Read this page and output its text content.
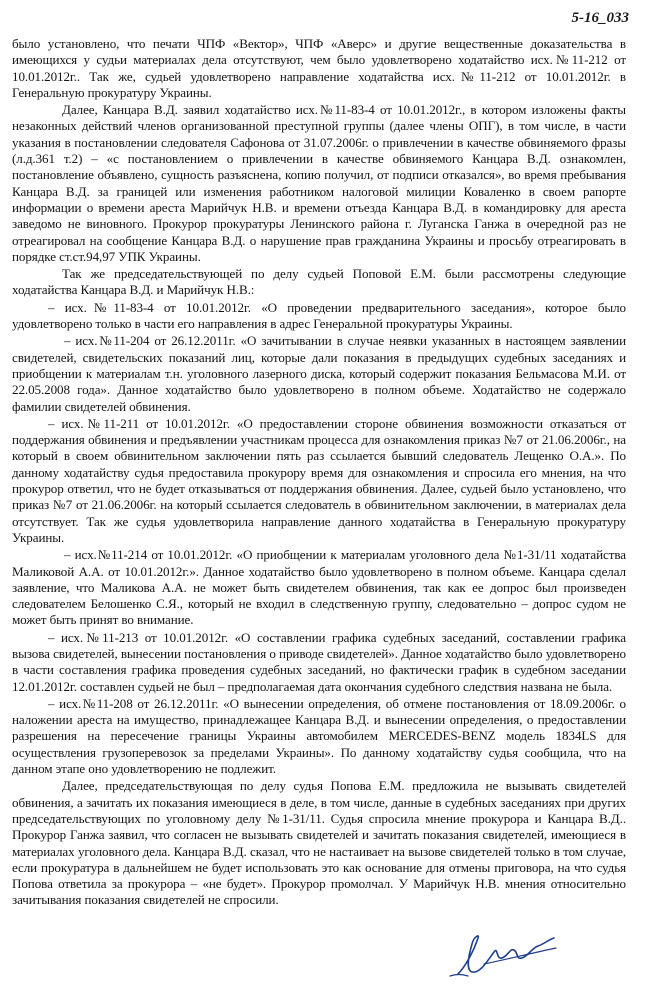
5-16_033

было установлено, что печати ЧПФ «Вектор», ЧПФ «Аверс» и другие вещественные доказательства в имеющихся у судьи материалах дела отсутствуют, чем было удовлетворено ходатайство исх.№11-212 от 10.01.2012г.. Так же, судьей удовлетворено направление ходатайства исх.№11-212 от 10.01.2012г. в Генеральную прокуратуру Украины.

Далее, Канцара В.Д. заявил ходатайство исх.№11-83-4 от 10.01.2012г., в котором изложены факты незаконных действий членов организованной преступной группы (далее члены ОПГ), в том числе, в части указания в постановлении следователя Сафонова от 31.07.2006г. о привлечении в качестве обвиняемого фразы (л.д.361 т.2) – «с постановлением о привлечении в качестве обвиняемого Канцара В.Д. ознакомлен, постановление объявлено, сущность разъяснена, копию получил, от подписи отказался», во время пребывания Канцара В.Д. за границей или изменения работником налоговой милиции Коваленко в своем рапорте информации о времени ареста Марийчук Н.В. и времени отъезда Канцара В.Д. в командировку для ареста заведомо не виновного. Прокурор прокуратуры Ленинского района г. Луганска Ганжа в очередной раз не отреагировал на сообщение Канцара В.Д. о нарушение прав гражданина Украины и просьбу отреагировать в порядке ст.ст.94,97 УПК Украины.

Так же председательствующей по делу судьей Поповой Е.М. были рассмотрены следующие ходатайства Канцара В.Д. и Марийчук Н.В.:

– исх.№11-83-4 от 10.01.2012г. «О проведении предварительного заседания», которое было удовлетворено только в части его направления в адрес Генеральной прокуратуры Украины.

– исх.№11-204 от 26.12.2011г. «О зачитывании в случае неявки указанных в настоящем заявлении свидетелей, свидетельских показаний лиц, которые дали показания в предыдущих судебных заседаниях и приобщении к материалам т.н. уголовного лазерного диска, который содержит показания Бельмасова М.И. от 22.05.2008 года». Данное ходатайство было удовлетворено в полном объеме. Ходатайство не содержало фамилии свидетелей обвинения.

– исх.№11-211 от 10.01.2012г. «О предоставлении стороне обвинения возможности отказаться от поддержания обвинения и предъявлении участникам процесса для ознакомления приказ №7 от 21.06.2006г., на который в своем обвинительном заключении пять раз ссылается бывший следователь Лещенко О.А.». По данному ходатайству судья предоставила прокурору время для ознакомления и спросила его мнения, на что прокурор ответил, что не будет отказываться от поддержания обвинения. Далее, судьей было установлено, что приказ №7 от 21.06.2006г. на который ссылается следователь в обвинительном заключении, в материалах дела отсутствует. Так же судья удовлетворила направление данного ходатайства в Генеральную прокуратуру Украины.

– исх.№11-214 от 10.01.2012г. «О приобщении к материалам уголовного дела №1-31/11 ходатайства Маликовой А.А. от 10.01.2012г.». Данное ходатайство было удовлетворено в полном объеме. Канцара сделал заявление, что Маликова А.А. не может быть свидетелем обвинения, так как ее допрос был произведен следователем Белошенко С.Я., который не входил в следственную группу, следовательно – допрос судом не может быть принят во внимание.

– исх.№11-213 от 10.01.2012г. «О составлении графика судебных заседаний, составлении графика вызова свидетелей, вынесении постановления о приводе свидетелей». Данное ходатайство было удовлетворено в части составления графика проведения судебных заседаний, но фактически график в судебном заседании 12.01.2012г. составлен судьей не был – предполагаемая дата окончания судебного следствия названа не была.

– исх.№11-208 от 26.12.2011г. «О вынесении определения, об отмене постановления от 18.09.2006г. о наложении ареста на имущество, принадлежащее Канцара В.Д. и вынесении определения, о предоставлении разрешения на пересечение границы Украины автомобилем MERCEDES-BENZ модель 1834LS для осуществления грузоперевозок за пределами Украины». По данному ходатайству судья сообщила, что на данном этапе оно удовлетворению не подлежит.

Далее, председательствующая по делу судья Попова Е.М. предложила не вызывать свидетелей обвинения, а зачитать их показания имеющиеся в деле, в том числе, данные в судебных заседаниях при других председательствующих по уголовному делу №1-31/11. Судья спросила мнение прокурора и Канцара В.Д.. Прокурор Ганжа заявил, что согласен не вызывать свидетелей и зачитать показания свидетелей, имеющиеся в материалах уголовного дела. Канцара В.Д. сказал, что не настаивает на вызове свидетелей только в том случае, если прокуратура в дальнейшем не будет использовать это как основание для отмены приговора, на что судья Попова ответила за прокурора – «не будет». Прокурор промолчал. У Марийчук Н.В. мнения относительно зачитывания показания свидетелей не спросили.
